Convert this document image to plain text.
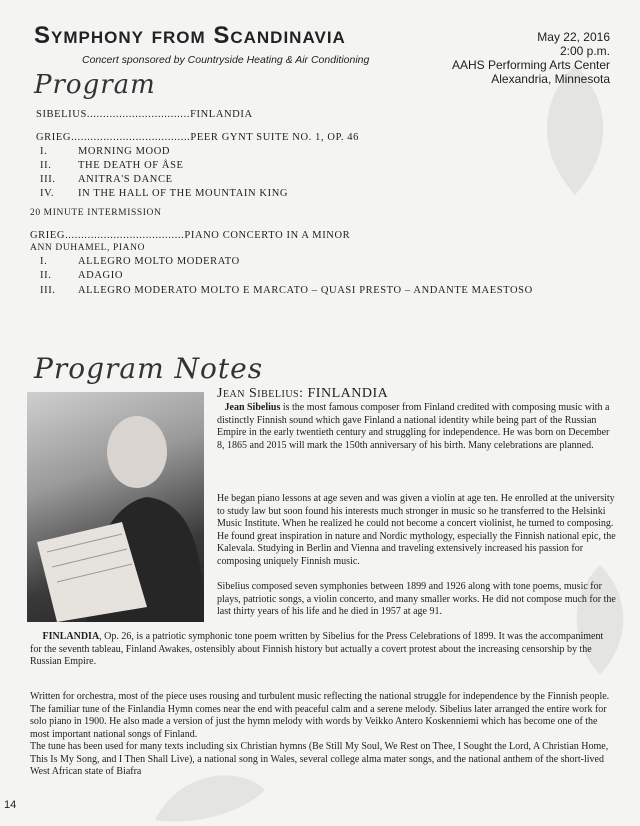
Symphony from Scandinavia
Concert sponsored by Countryside Heating & Air Conditioning
May 22, 2016
2:00 p.m.
AAHS Performing Arts Center
Alexandria, Minnesota
Program
SIBELIUS................................FINLANDIA
GRIEG.....................................PEER GYNT SUITE NO. 1, OP. 46
I.	MORNING MOOD
II.	THE DEATH OF ÅSE
III. ANITRA'S DANCE
IV. IN THE HALL OF THE MOUNTAIN KING
20 MINUTE INTERMISSION
GRIEG.....................................PIANO CONCERTO IN A MINOR
ANN DUHAMEL, PIANO
I.	ALLEGRO MOLTO MODERATO
II.	ADAGIO
III. ALLEGRO MODERATO MOLTO E MARCATO – QUASI PRESTO – ANDANTE MAESTOSO
Program Notes
Jean Sibelius: FINLANDIA

Jean Sibelius is the most famous composer from Finland credited with composing music with a distinctly Finnish sound which gave Finland a national identity while being part of the Russian Empire in the early twentieth century and struggling for independence. He was born on December 8, 1865 and 2015 will mark the 150th anniversary of his birth. Many celebrations are planned.

He began piano lessons at age seven and was given a violin at age ten. He enrolled at the university to study law but soon found his interests much stronger in music so he transferred to the Helsinki Music Institute. When he realized he could not become a concert violinist, he turned to composing. He found great inspiration in nature and Nordic mythology, especially the Finnish national epic, the Kalevala. Studying in Berlin and Vienna and traveling extensively increased his passion for composing uniquely Finnish music.

Sibelius composed seven symphonies between 1899 and 1926 along with tone poems, music for plays, patriotic songs, a violin concerto, and many smaller works. He did not compose much for the last thirty years of his life and he died in 1957 at age 91.

FINLANDIA, Op. 26, is a patriotic symphonic tone poem written by Sibelius for the Press Celebrations of 1899. It was the accompaniment for the seventh tableau, Finland Awakes, ostensibly about Finnish history but actually a covert protest about the increasing censorship by the Russian Empire.

Written for orchestra, most of the piece uses rousing and turbulent music reflecting the national struggle for independence by the Finnish people. The familiar tune of the Finlandia Hymn comes near the end with peaceful calm and a serene melody. Sibelius later arranged the entire work for solo piano in 1900. He also made a version of just the hymn melody with words by Veikko Antero Koskenniemi which has become one of the most important national songs of Finland.

The tune has been used for many texts including six Christian hymns (Be Still My Soul, We Rest on Thee, I Sought the Lord, A Christian Home, This Is My Song, and I Then Shall Live), a national song in Wales, several college alma mater songs, and the national anthem of the short-lived West African state of Biafra

14
